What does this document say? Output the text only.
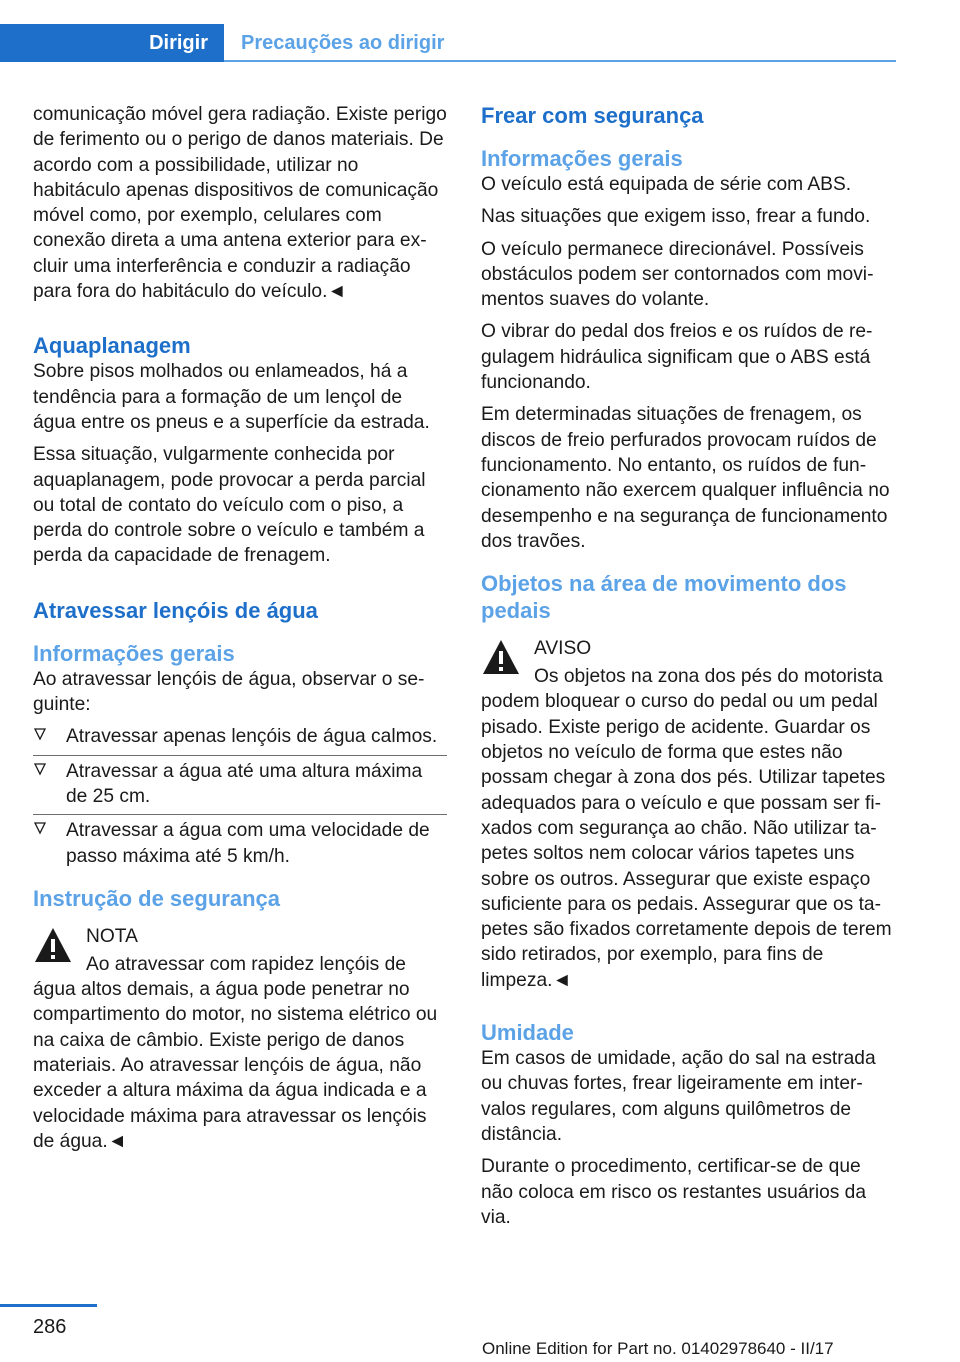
Dirigir	Precauções ao dirigir

comunicação móvel gera radiação. Existe perigo de ferimento ou o perigo de danos materiais. De acordo com a possibilidade, utilizar no habitáculo apenas dispositivos de comunicação móvel como, por exemplo, celulares com conexão direta a uma antena exterior para excluir uma interferência e conduzir a radiação para fora do habitáculo do veículo.◄

Aquaplanagem

Sobre pisos molhados ou enlameados, há a tendência para a formação de um lençol de água entre os pneus e a superfície da estrada.

Essa situação, vulgarmente conhecida por aquaplanagem, pode provocar a perda parcial ou total de contato do veículo com o piso, a perda do controle sobre o veículo e também a perda da capacidade de frenagem.

Atravessar lençóis de água
Informações gerais

Ao atravessar lençóis de água, observar o seguinte:

Atravessar apenas lençóis de água calmos.
Atravessar a água até uma altura máxima de 25 cm.
Atravessar a água com uma velocidade de passo máxima até 5 km/h.
Instrução de segurança
NOTA

Ao atravessar com rapidez lençóis de água altos demais, a água pode penetrar no compartimento do motor, no sistema elétrico ou na caixa de câmbio. Existe perigo de danos materiais. Ao atravessar lençóis de água, não exceder a altura máxima da água indicada e a velocidade máxima para atravessar os lençóis de água.◄

Frear com segurança
Informações gerais

O veículo está equipada de série com ABS.

Nas situações que exigem isso, frear a fundo.

O veículo permanece direcionável. Possíveis obstáculos podem ser contornados com movimentos suaves do volante.

O vibrar do pedal dos freios e os ruídos de regulagem hidráulica significam que o ABS está funcionando.

Em determinadas situações de frenagem, os discos de freio perfurados provocam ruídos de funcionamento. No entanto, os ruídos de funcionamento não exercem qualquer influência no desempenho e na segurança de funcionamento dos travões.

Objetos na área de movimento dos pedais
AVISO

Os objetos na zona dos pés do motorista podem bloquear o curso do pedal ou um pedal pisado. Existe perigo de acidente. Guardar os objetos no veículo de forma que estes não possam chegar à zona dos pés. Utilizar tapetes adequados para o veículo e que possam ser fixados com segurança ao chão. Não utilizar tapetes soltos nem colocar vários tapetes uns sobre os outros. Assegurar que existe espaço suficiente para os pedais. Assegurar que os tapetes são fixados corretamente depois de terem sido retirados, por exemplo, para fins de limpeza.◄

Umidade

Em casos de umidade, ação do sal na estrada ou chuvas fortes, frear ligeiramente em intervalos regulares, com alguns quilômetros de distância.

Durante o procedimento, certificar-se de que não coloca em risco os restantes usuários da via.

286
Online Edition for Part no. 01402978640 - II/17
